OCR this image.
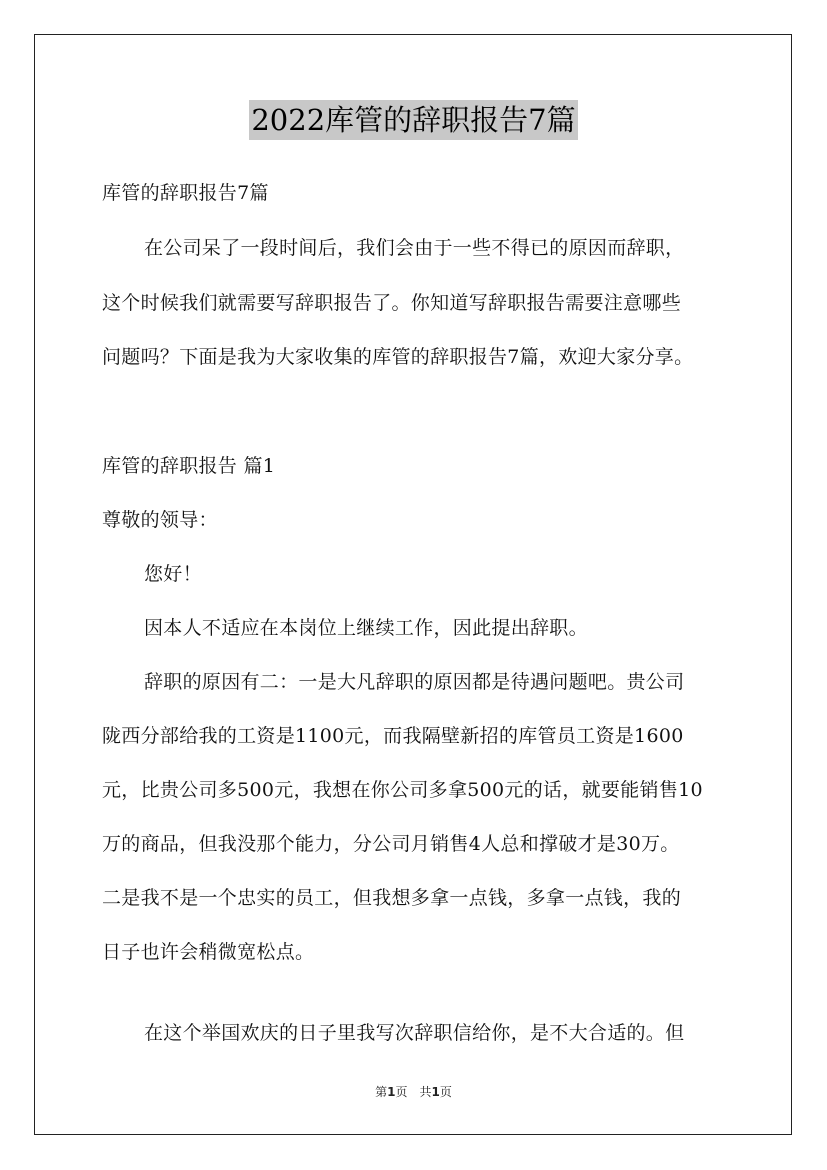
2022库管的辞职报告7篇
库管的辞职报告7篇
在公司呆了一段时间后，我们会由于一些不得已的原因而辞职，
这个时候我们就需要写辞职报告了。你知道写辞职报告需要注意哪些
问题吗？下面是我为大家收集的库管的辞职报告7篇，欢迎大家分享。
库管的辞职报告 篇1
尊敬的领导：
您好！
因本人不适应在本岗位上继续工作，因此提出辞职。
辞职的原因有二：一是大凡辞职的原因都是待遇问题吧。贵公司
陇西分部给我的工资是1100元，而我隔壁新招的库管员工资是1600
元，比贵公司多500元，我想在你公司多拿500元的话，就要能销售10
万的商品，但我没那个能力，分公司月销售4人总和撑破才是30万。
二是我不是一个忠实的员工，但我想多拿一点钱，多拿一点钱，我的
日子也许会稍微宽松点。
在这个举国欢庆的日子里我写次辞职信给你，是不大合适的。但
第1页　共1页
